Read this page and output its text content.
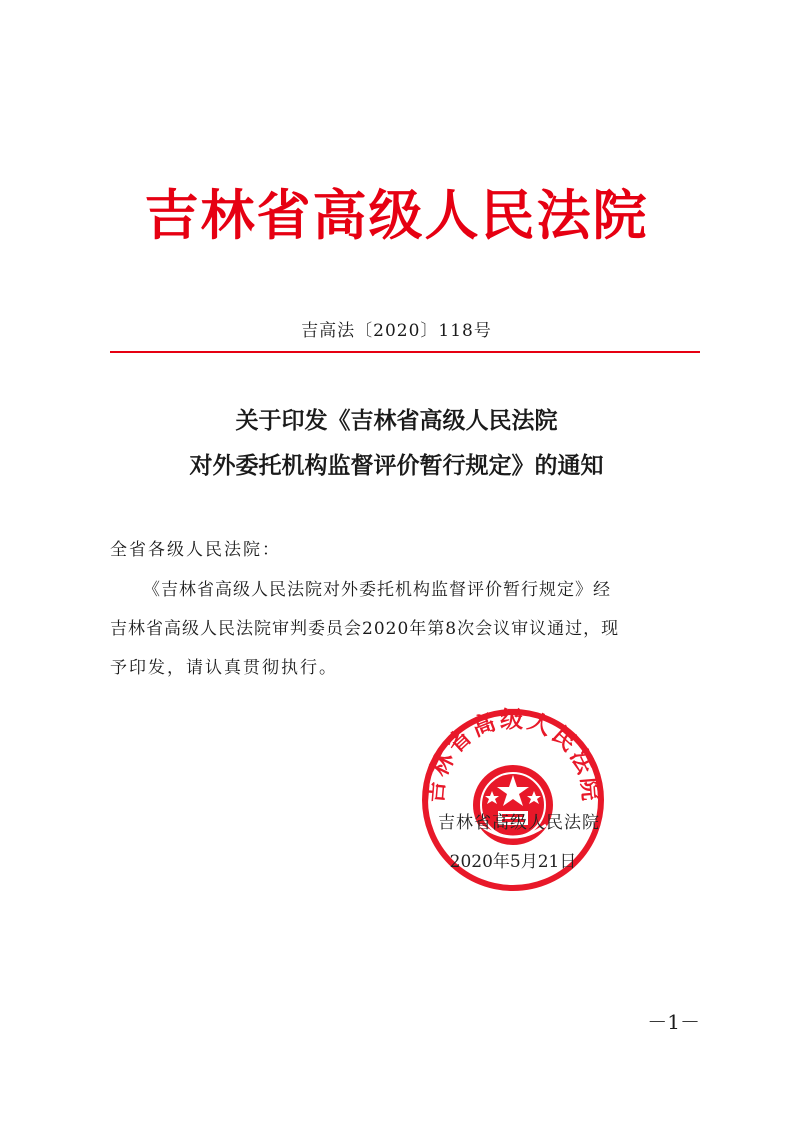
吉林省高级人民法院
吉高法〔2020〕118号
关于印发《吉林省高级人民法院
对外委托机构监督评价暂行规定》的通知
全省各级人民法院：
《吉林省高级人民法院对外委托机构监督评价暂行规定》经
吉林省高级人民法院审判委员会2020年第8次会议审议通过，现
予印发，请认真贯彻执行。
吉林省高级人民法院
吉林省高级人民法院
2020年5月21日
－1－
